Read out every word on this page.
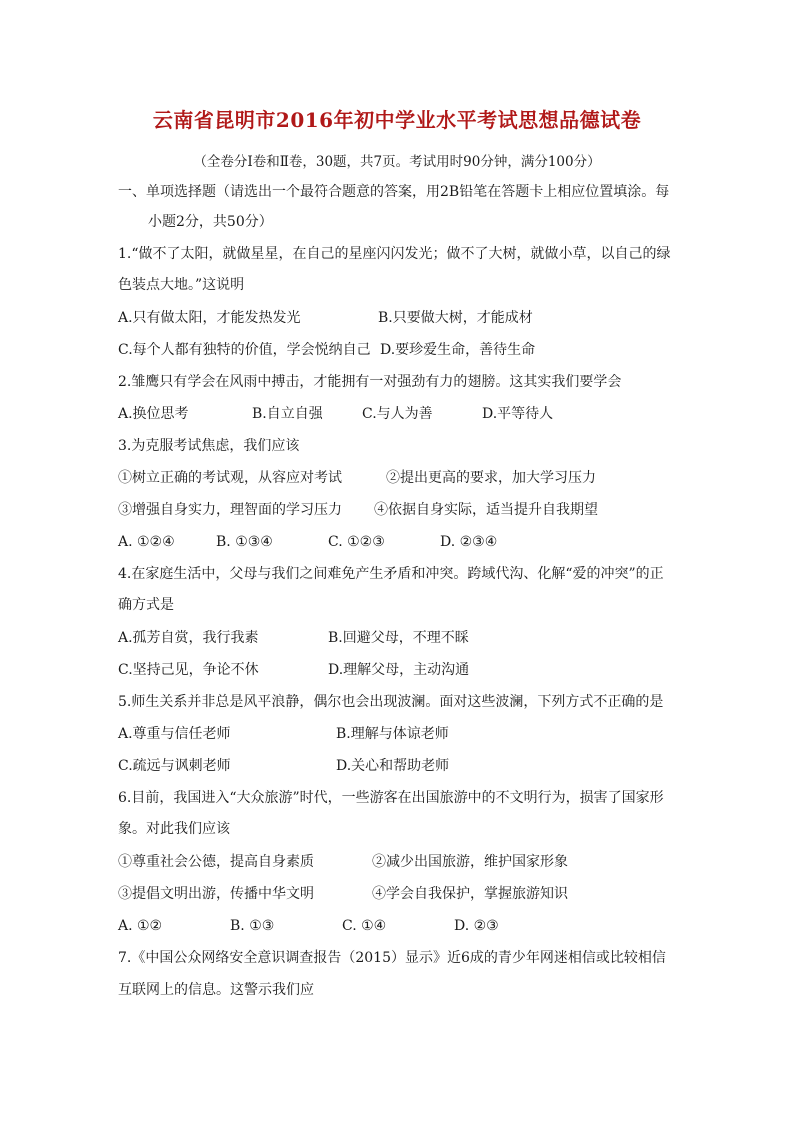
云南省昆明市2016年初中学业水平考试思想品德试卷
（全卷分Ⅰ卷和Ⅱ卷，30题，共7页。考试用时90分钟，满分100分）
一、单项选择题（请选出一个最符合题意的答案，用2B铅笔在答题卡上相应位置填涂。每
小题2分，共50分）
1.“做不了太阳，就做星星，在自己的星座闪闪发光；做不了大树，就做小草，以自己的绿
色装点大地。”这说明
A.只有做太阳，才能发热发光	B.只要做大树，才能成材
C.每个人都有独特的价值，学会悦纳自己 D.要珍爱生命，善待生命
2.雏鹰只有学会在风雨中搏击，才能拥有一对强劲有力的翅膀。这其实我们要学会
A.换位思考	B.自立自强	C.与人为善	D.平等待人
3.为克服考试焦虑，我们应该
①树立正确的考试观，从容应对考试	②提出更高的要求，加大学习压力
③增强自身实力，理智面的学习压力 ④依据自身实际，适当提升自我期望
A. ①②④	B. ①③④	C. ①②③	D. ②③④
4.在家庭生活中，父母与我们之间难免产生矛盾和冲突。跨域代沟、化解“爱的冲突”的正
确方式是
A.孤芳自赏，我行我素	B.回避父母，不理不睬
C.坚持己见，争论不休	D.理解父母，主动沟通
5.师生关系并非总是风平浪静，偶尔也会出现波澜。面对这些波澜，下列方式不正确的是
A.尊重与信任老师	B.理解与体谅老师
C.疏远与讽刺老师	D.关心和帮助老师
6.目前，我国进入“大众旅游”时代，一些游客在出国旅游中的不文明行为，损害了国家形
象。对此我们应该
①尊重社会公德，提高自身素质	②减少出国旅游，维护国家形象
③提倡文明出游，传播中华文明	④学会自我保护，掌握旅游知识
A. ①②	B. ①③	C. ①④	D. ②③
7.《中国公众网络安全意识调查报告（2015）显示》近6成的青少年网迷相信或比较相信
互联网上的信息。这警示我们应
